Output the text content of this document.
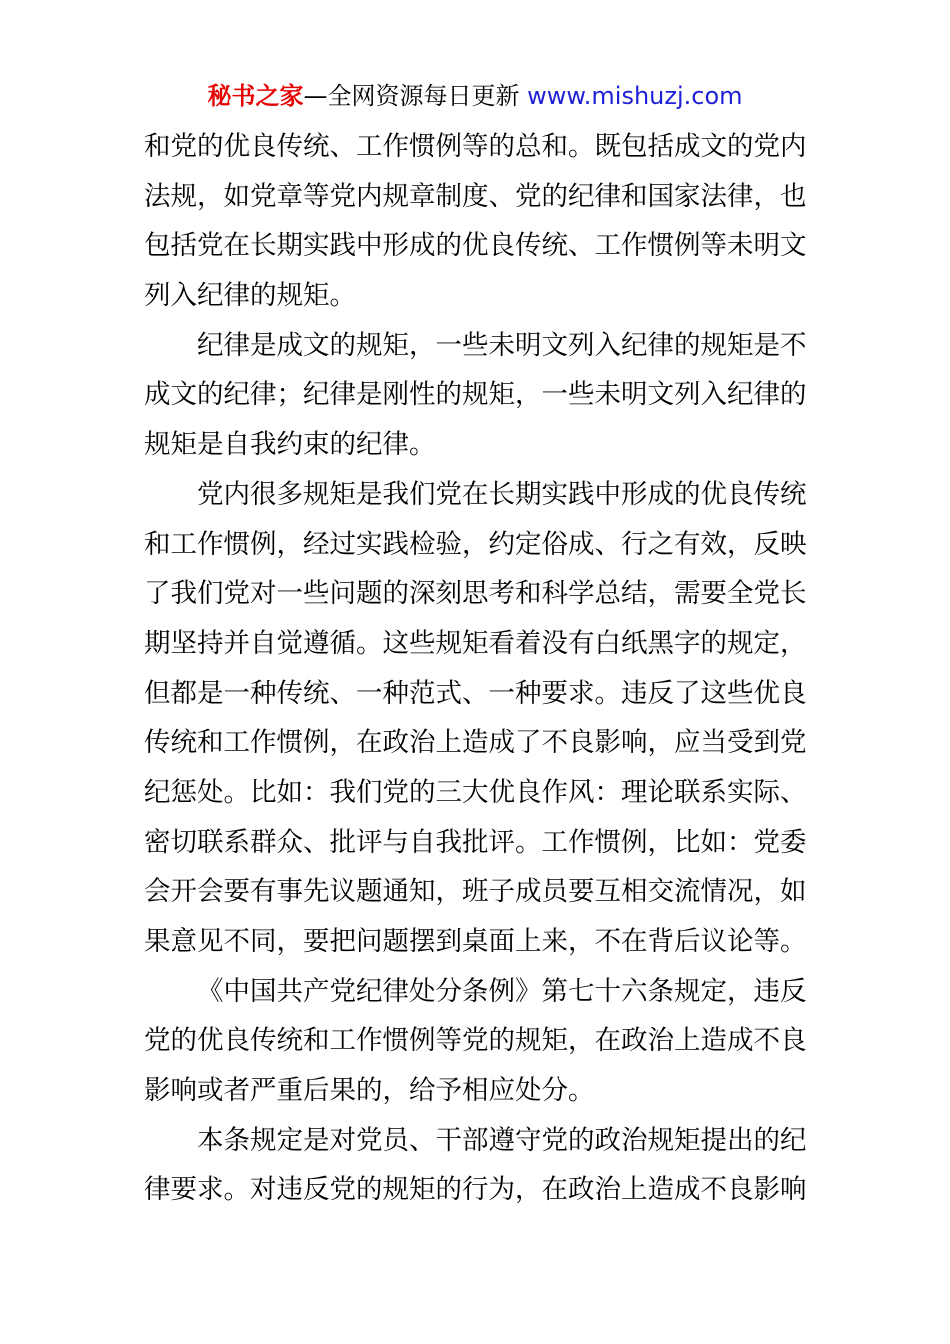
秘书之家—全网资源每日更新 www.mishuzj.com
和党的优良传统、工作惯例等的总和。既包括成文的党内
法规，如党章等党内规章制度、党的纪律和国家法律，也
包括党在长期实践中形成的优良传统、工作惯例等未明文
列入纪律的规矩。
纪律是成文的规矩，一些未明文列入纪律的规矩是不
成文的纪律；纪律是刚性的规矩，一些未明文列入纪律的
规矩是自我约束的纪律。
党内很多规矩是我们党在长期实践中形成的优良传统
和工作惯例，经过实践检验，约定俗成、行之有效，反映
了我们党对一些问题的深刻思考和科学总结，需要全党长
期坚持并自觉遵循。这些规矩看着没有白纸黑字的规定，
但都是一种传统、一种范式、一种要求。违反了这些优良
传统和工作惯例，在政治上造成了不良影响，应当受到党
纪惩处。比如：我们党的三大优良作风：理论联系实际、
密切联系群众、批评与自我批评。工作惯例，比如：党委
会开会要有事先议题通知，班子成员要互相交流情况，如
果意见不同，要把问题摆到桌面上来，不在背后议论等。
《中国共产党纪律处分条例》第七十六条规定，违反
党的优良传统和工作惯例等党的规矩，在政治上造成不良
影响或者严重后果的，给予相应处分。
本条规定是对党员、干部遵守党的政治规矩提出的纪
律要求。对违反党的规矩的行为，在政治上造成不良影响
